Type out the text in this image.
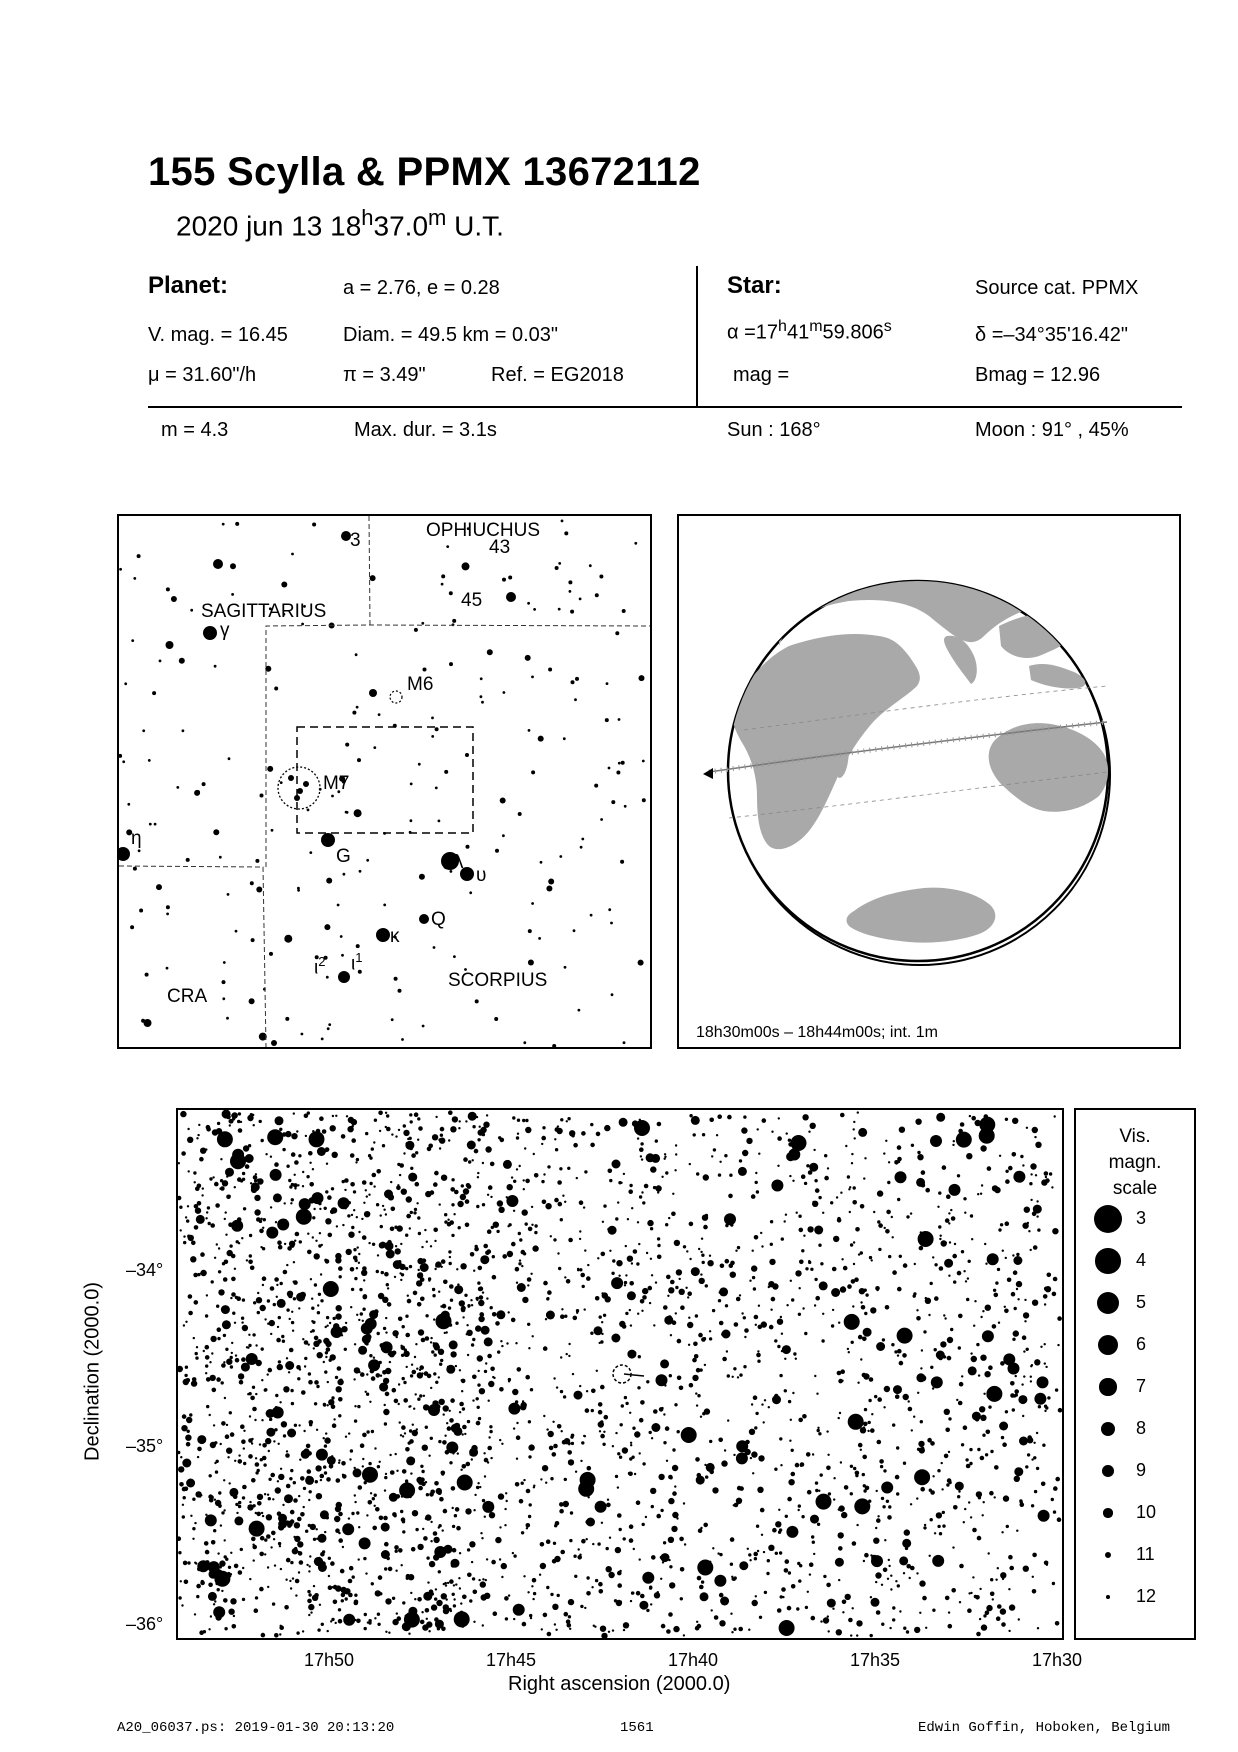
155 Scylla & PPMX 13672112
2020 jun 13 18$^h$37.0$^m$ U.T.
Planet:	a = 2.76, e = 0.28
V. mag. = 16.45	Diam. = 49.5 km = 0.03"
μ = 31.60"/h	π = 3.49"	Ref. = EG2018
Star:	Source cat. PPMX
$\alpha =17^h41^m59.806^s$	δ =–34°35'16.42"
mag =	Bmag = 12.96
m = 4.3	Max. dur. = 3.1s	Sun : 168°	Moon : 91° , 45%
OPHIUCHUS
SAGITTARIUS
SCORPIUS
CRA
3	43
45
γ
M6
M7
η
G	λ
υ
Q
κ
$\iota^2$ $\iota^1$
18h30m00s – 18h44m00s; int. 1m
–34°
–35°
–36°
17h50	17h45	17h40	17h35	17h30
Right ascension (2000.0)
Declination (2000.0)
Vis.
magn.
scale
3
4
5
6
7
8
9
10
11
12
A20_06037.ps: 2019-01-30 20:13:20	1561	Edwin Goffin, Hoboken, Belgium
